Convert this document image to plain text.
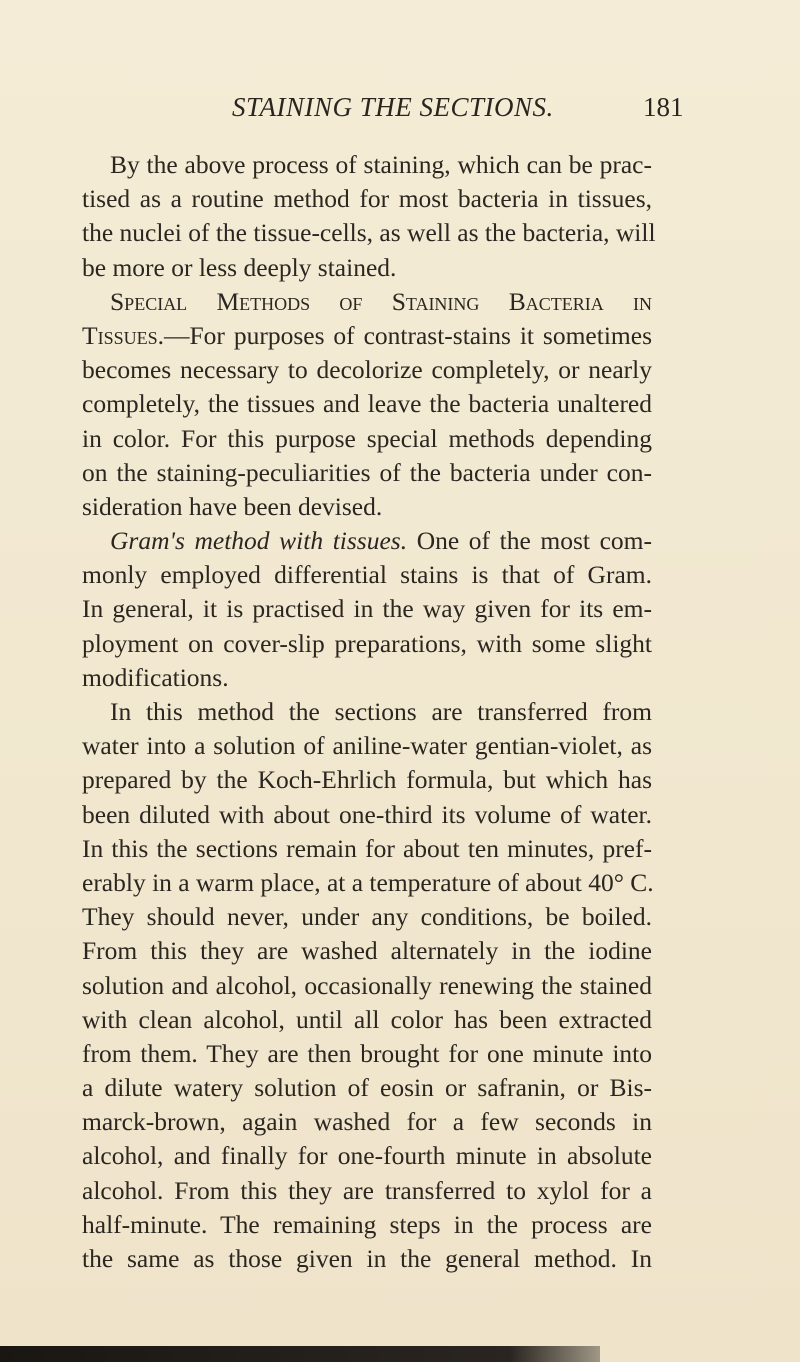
STAINING THE SECTIONS.	181
By the above process of staining, which can be prac-
tised as a routine method for most bacteria in tissues,
the nuclei of the tissue-cells, as well as the bacteria, will
be more or less deeply stained.
Special Methods of Staining Bacteria in
Tissues.—For purposes of contrast-stains it sometimes
becomes necessary to decolorize completely, or nearly
completely, the tissues and leave the bacteria unaltered
in color. For this purpose special methods depending
on the staining-peculiarities of the bacteria under con-
sideration have been devised.
Gram's method with tissues. One of the most com-
monly employed differential stains is that of Gram.
In general, it is practised in the way given for its em-
ployment on cover-slip preparations, with some slight
modifications.
In this method the sections are transferred from
water into a solution of aniline-water gentian-violet, as
prepared by the Koch-Ehrlich formula, but which has
been diluted with about one-third its volume of water.
In this the sections remain for about ten minutes, pref-
erably in a warm place, at a temperature of about 40° C.
They should never, under any conditions, be boiled.
From this they are washed alternately in the iodine
solution and alcohol, occasionally renewing the stained
with clean alcohol, until all color has been extracted
from them. They are then brought for one minute into
a dilute watery solution of eosin or safranin, or Bis-
marck-brown, again washed for a few seconds in
alcohol, and finally for one-fourth minute in absolute
alcohol. From this they are transferred to xylol for a
half-minute. The remaining steps in the process are
the same as those given in the general method. In
